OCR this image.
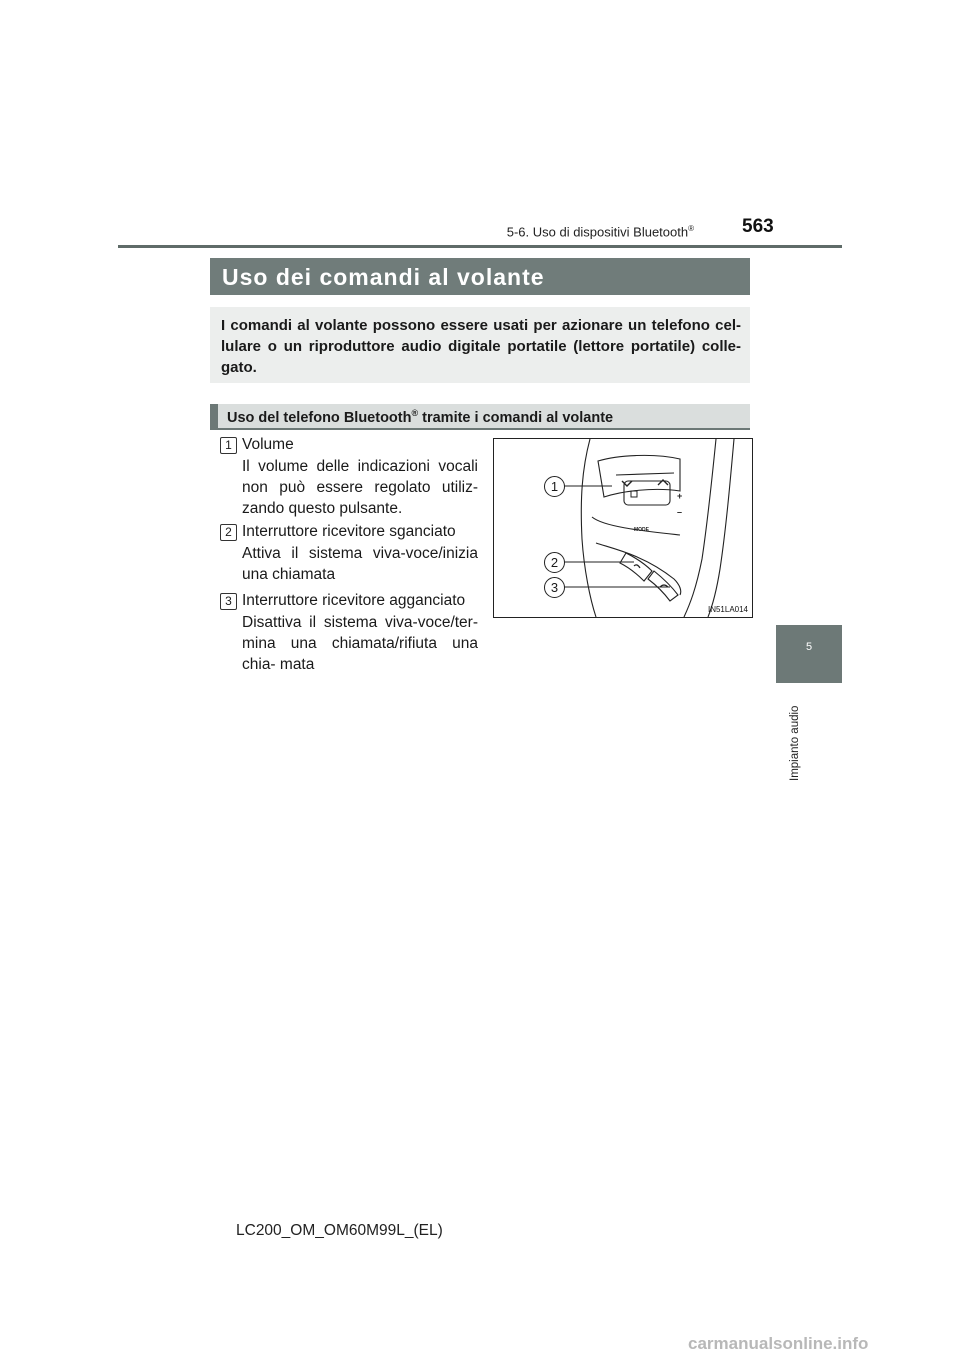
5-6. Uso di dispositivi Bluetooth®	563
Uso dei comandi al volante
I comandi al volante possono essere usati per azionare un telefono cel- lulare o un riproduttore audio digitale portatile (lettore portatile) colle- gato.
Uso del telefono Bluetooth® tramite i comandi al volante
1 Volume
Il volume delle indicazioni vocali non può essere regolato utiliz- zando questo pulsante.
2 Interruttore ricevitore sganciato
Attiva il sistema viva-voce/inizia una chiamata
3 Interruttore ricevitore agganciato
Disattiva il sistema viva-voce/ter- mina una chiamata/rifiuta una chia- mata
+
–
MODE
1
2
3
IN51LA014
5
Impianto audio
LC200_OM_OM60M99L_(EL)
carmanualsonline.info
